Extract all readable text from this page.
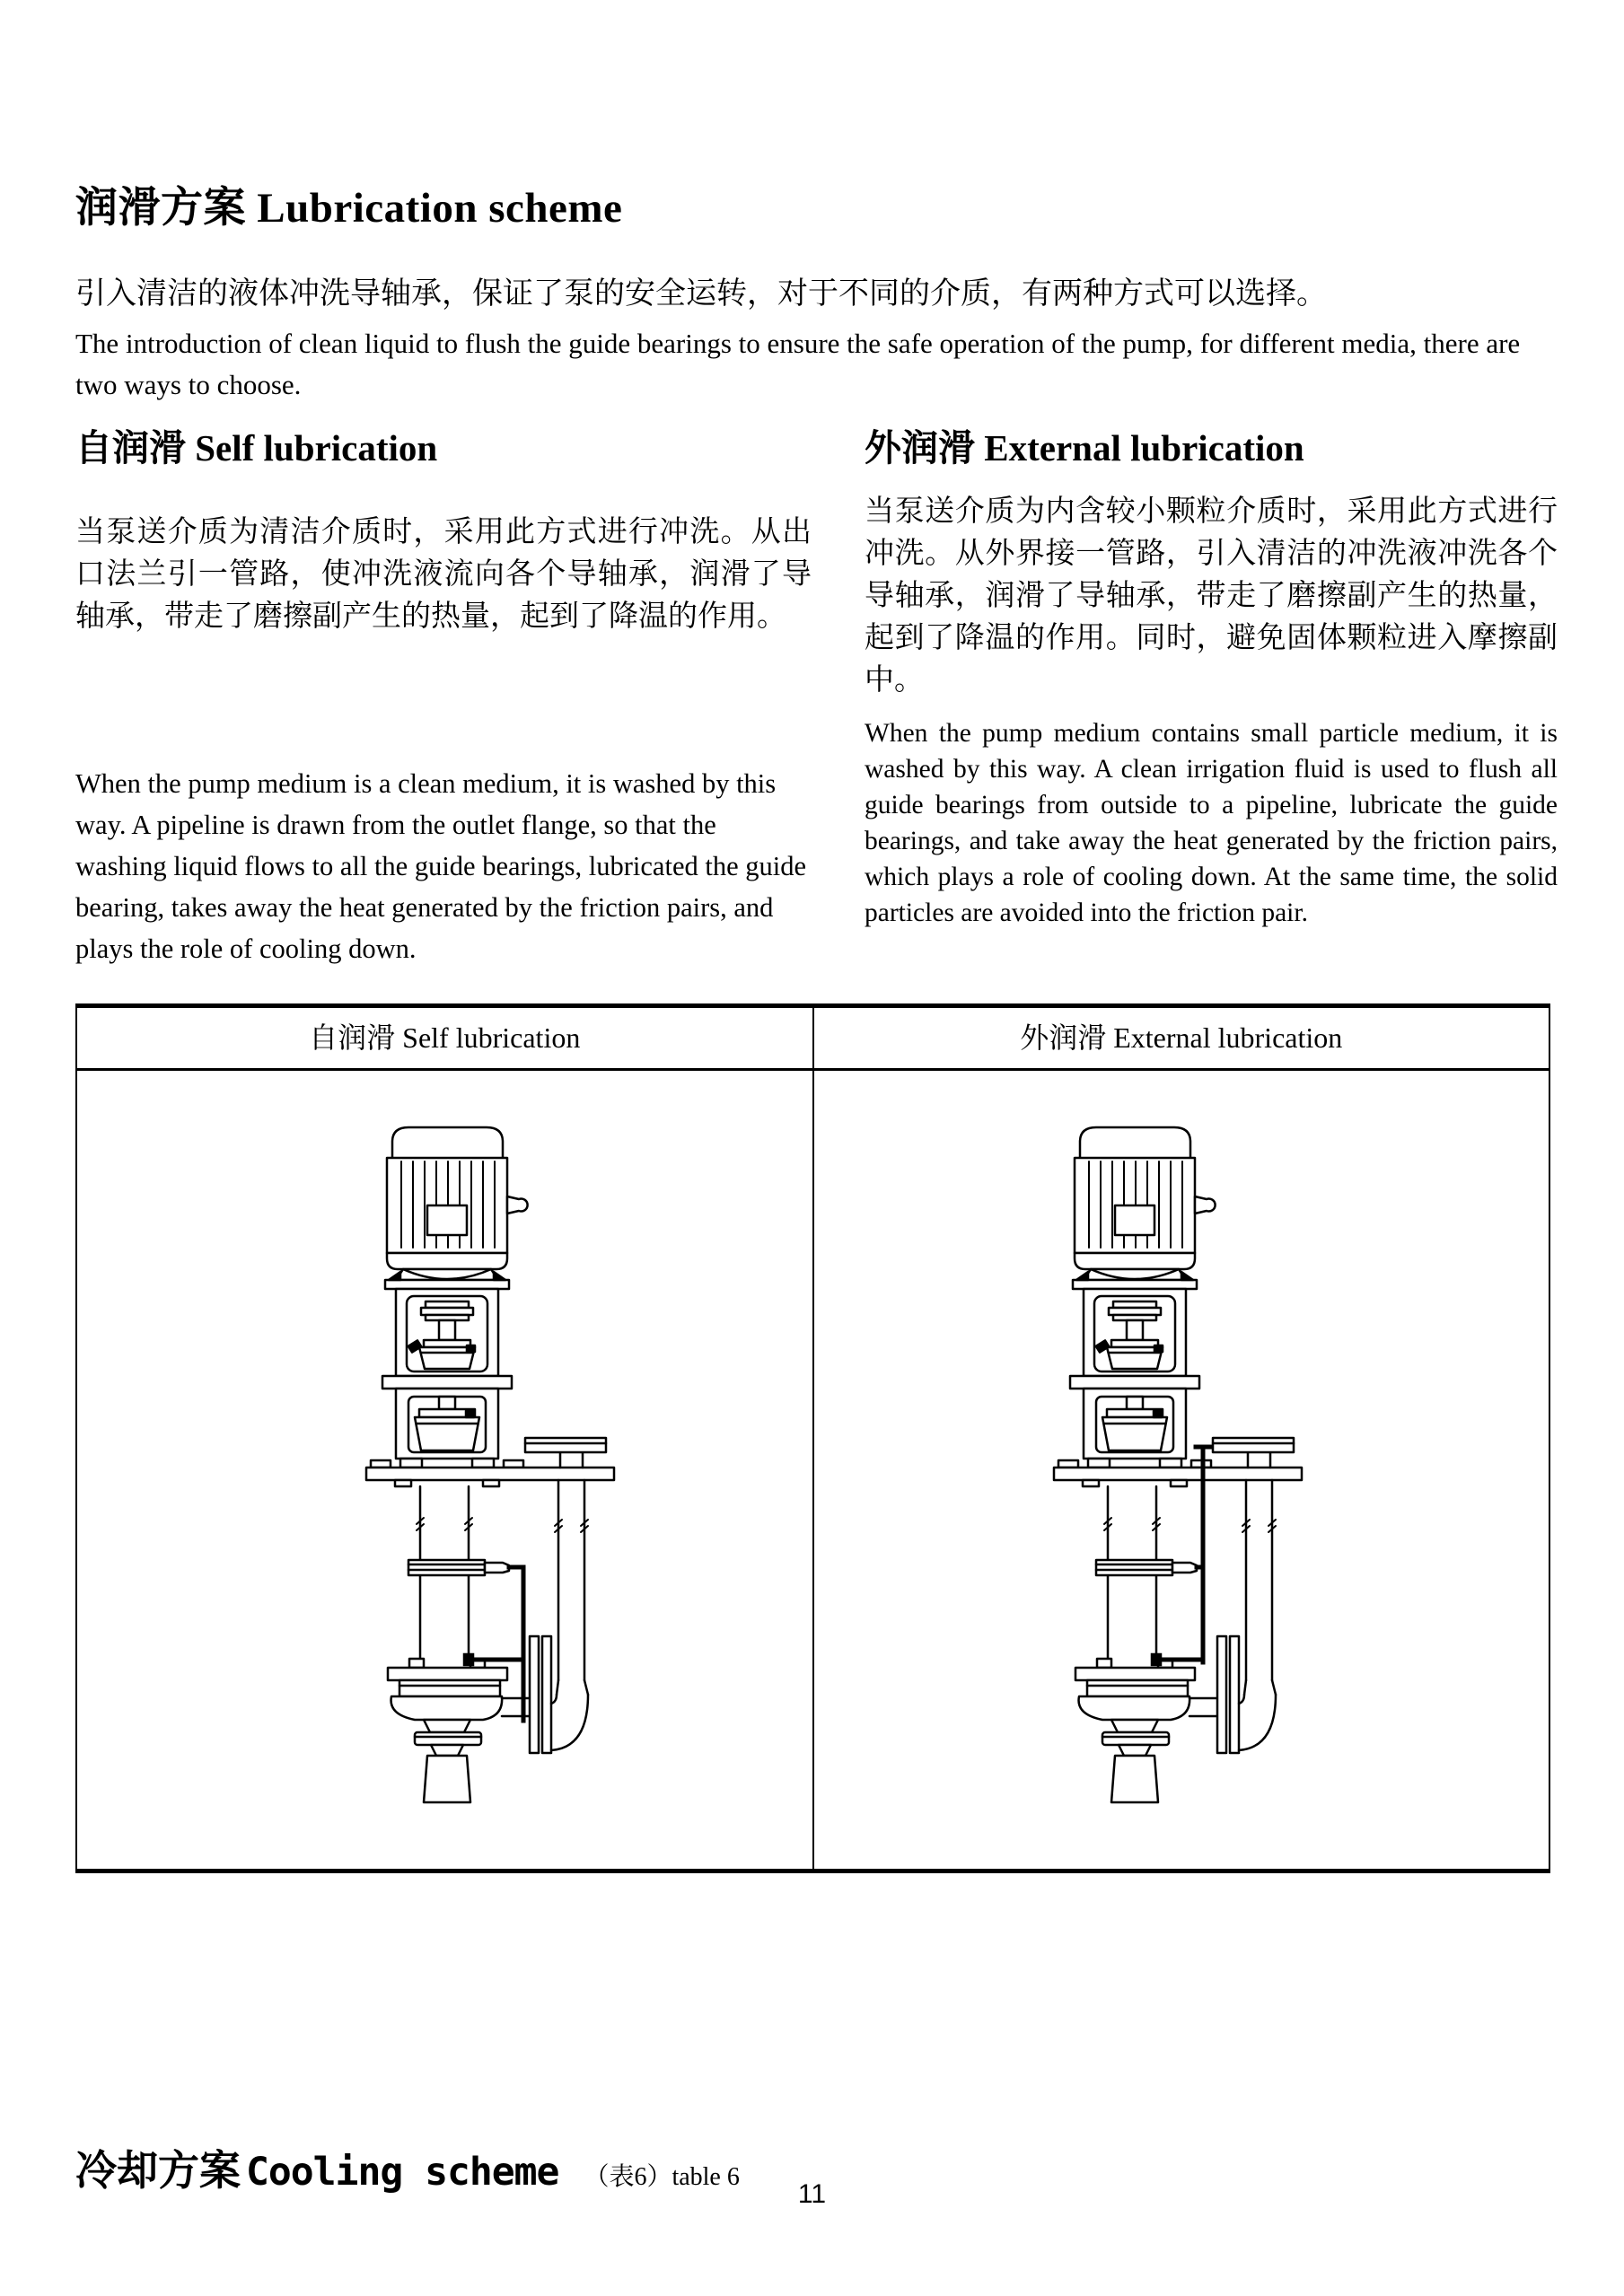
润滑方案 Lubrication scheme
引入清洁的液体冲洗导轴承，保证了泵的安全运转，对于不同的介质，有两种方式可以选择。
The introduction of clean liquid to flush the guide bearings to ensure the safe operation of the pump, for different media, there are two ways to choose.
自润滑 Self lubrication	外润滑 External lubrication
当泵送介质为清洁介质时，采用此方式进行冲洗。从出口法兰引一管路，使冲洗液流向各个导轴承，润滑了导轴承，带走了磨擦副产生的热量，起到了降温的作用。
当泵送介质为内含较小颗粒介质时，采用此方式进行冲洗。从外界接一管路，引入清洁的冲洗液冲洗各个导轴承，润滑了导轴承，带走了磨擦副产生的热量，起到了降温的作用。同时，避免固体颗粒进入摩擦副中。
When the pump medium is a clean medium, it is washed by this way. A pipeline is drawn from the outlet flange, so that the washing liquid flows to all the guide bearings, lubricated the guide bearing, takes away the heat generated by the friction pairs, and plays the role of cooling down.
When the pump medium contains small particle medium, it is washed by this way. A clean irrigation fluid is used to flush all guide bearings from outside to a pipeline, lubricate the guide bearings, and take away the heat generated by the friction pairs, which plays a role of cooling down. At the same time, the solid particles are avoided into the friction pair.
自润滑 Self lubrication	外润滑 External lubrication
冷却方案 Cooling scheme （表6）table 6
11
